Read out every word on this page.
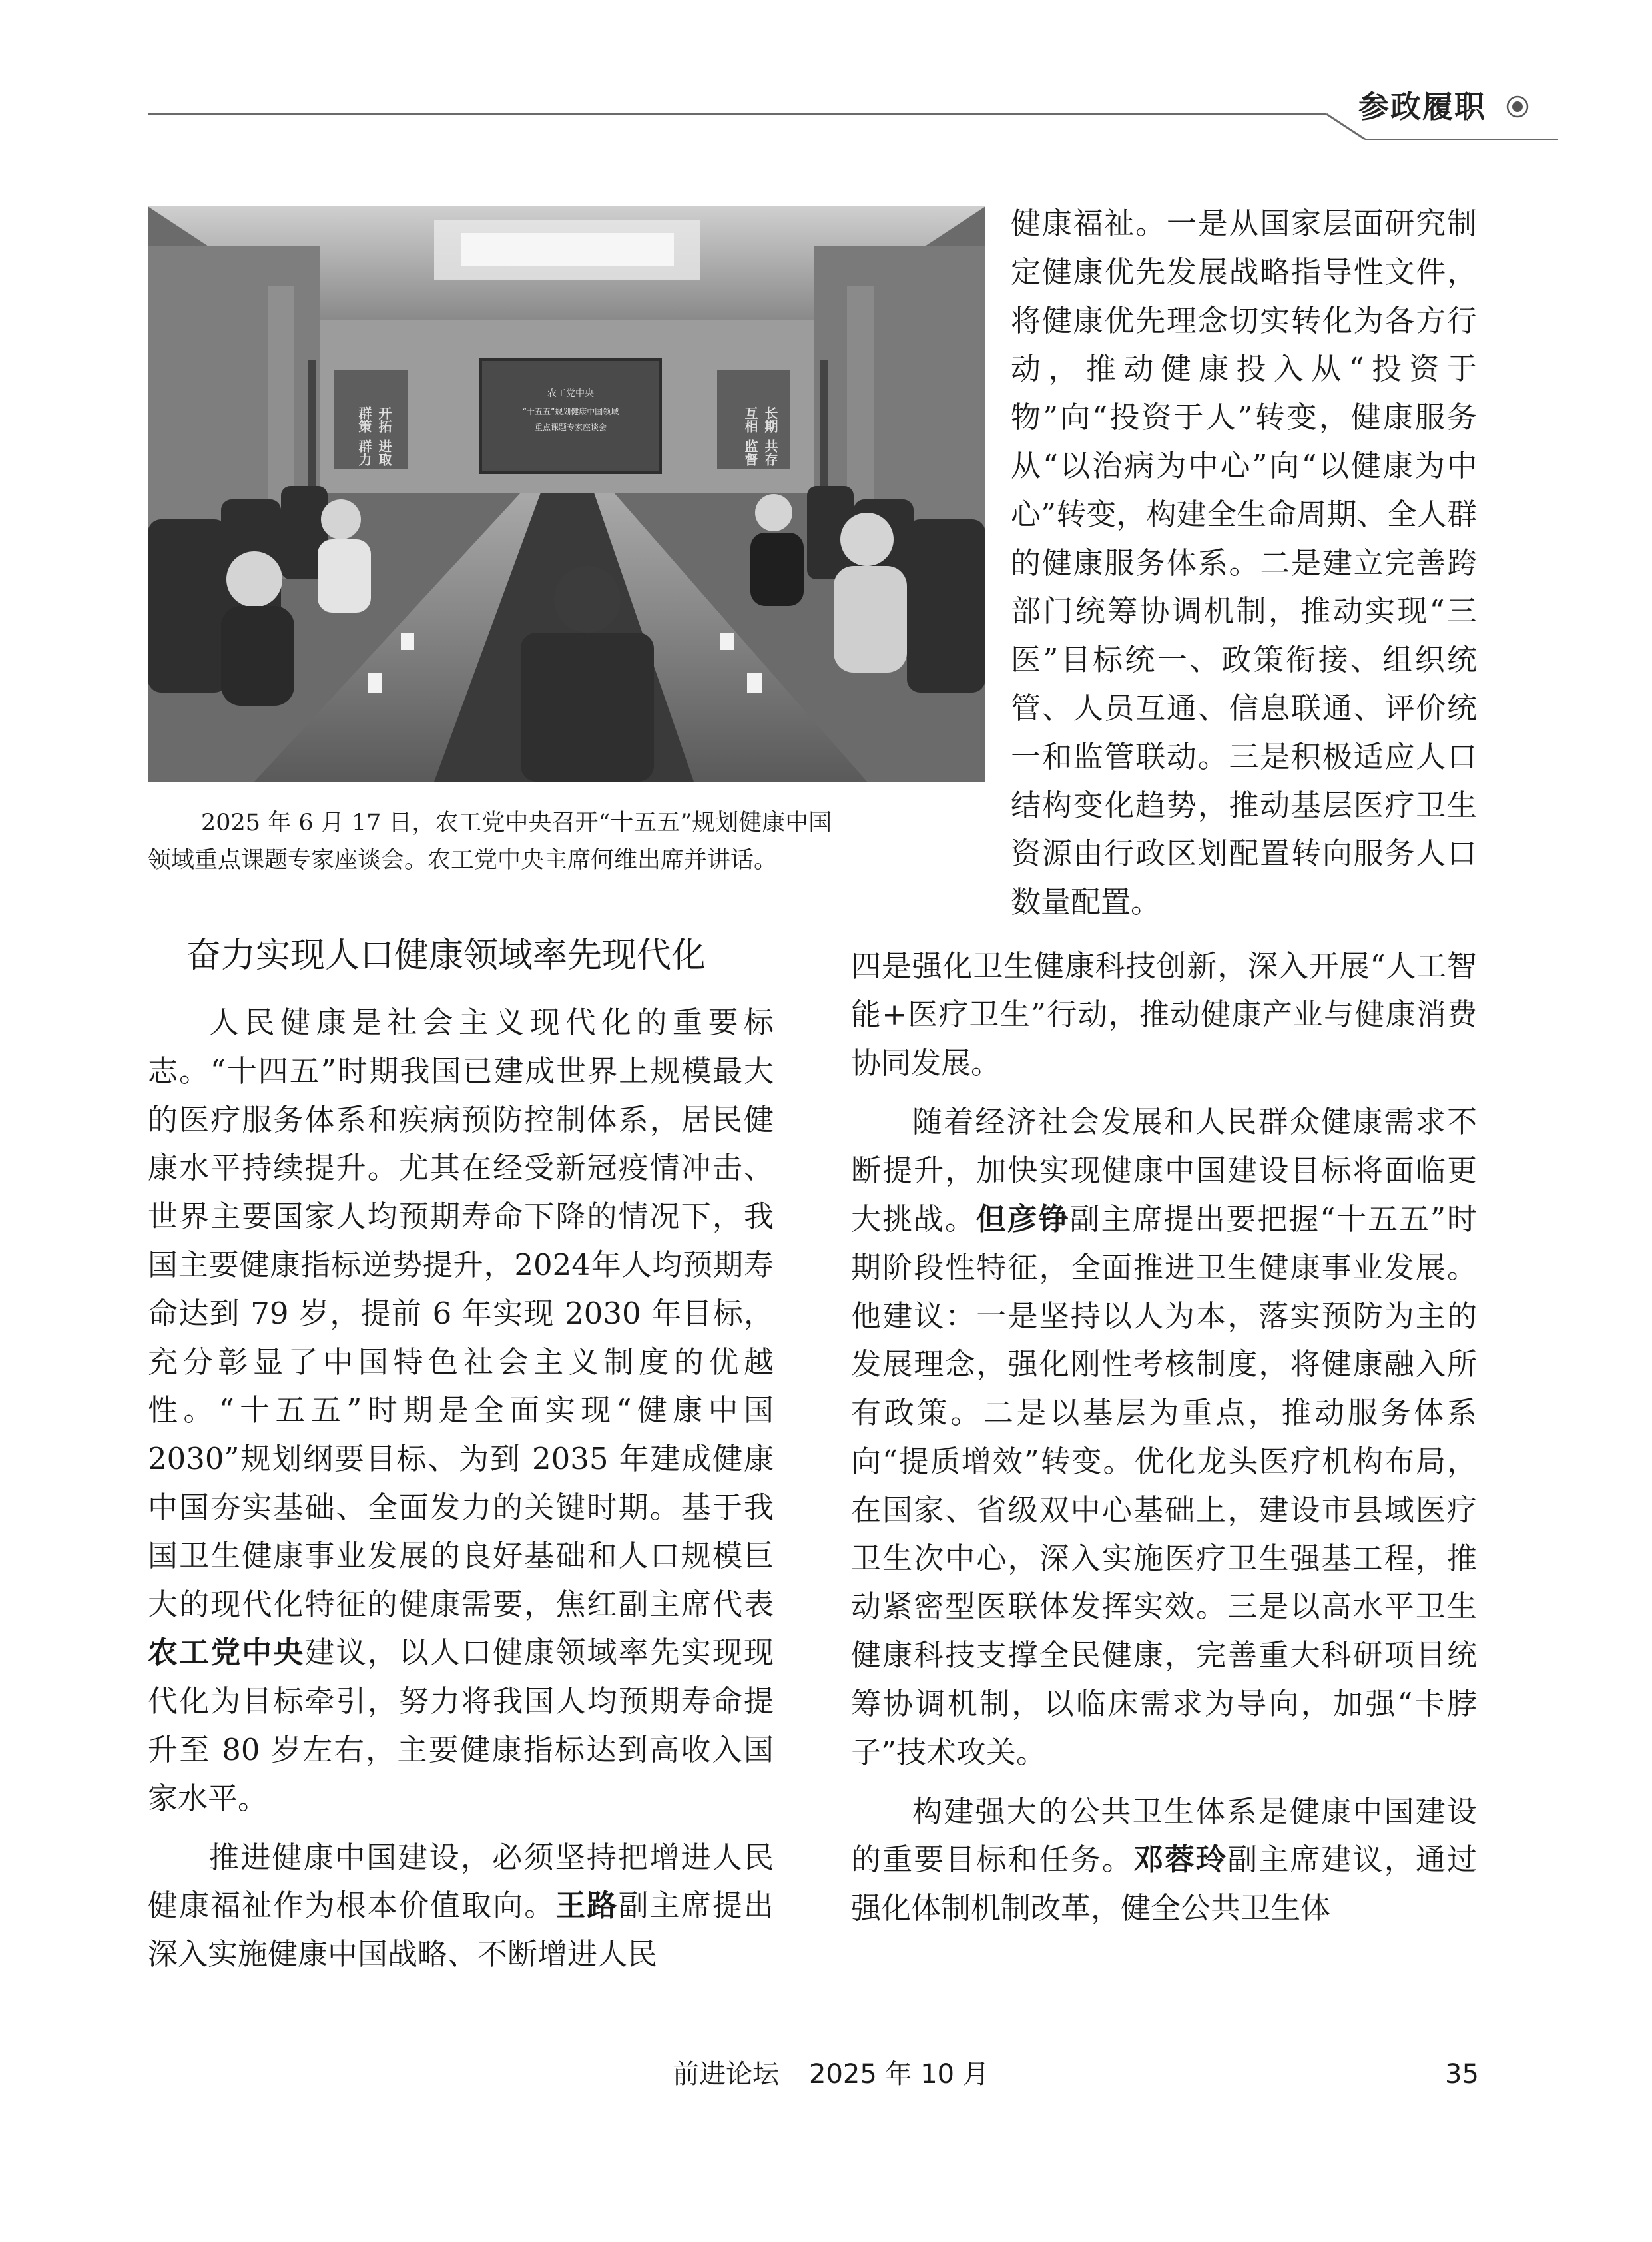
参政履职
开拓
群策
进取
群力
长期
互相
共存
监督
农工党中央
“十五五”规划健康中国领域
重点课题专家座谈会

2025 年 6 月 17 日，农工党中央召开“十五五”规划健康中国

领域重点课题专家座谈会。农工党中央主席何维出席并讲话。

健康福祉。一是从国家层面研究制定健康优先发展战略指导性文件，将健康优先理念切实转化为各方行动，推动健康投入从“投资于物”向“投资于人”转变，健康服务从“以治病为中心”向“以健康为中心”转变，构建全生命周期、全人群的健康服务体系。二是建立完善跨部门统筹协调机制，推动实现“三医”目标统一、政策衔接、组织统管、人员互通、信息联通、评价统一和监管联动。三是积极适应人口结构变化趋势，推动基层医疗卫生资源由行政区划配置转向服务人口数量配置。

奋力实现人口健康领域率先现代化

人民健康是社会主义现代化的重要标志。“十四五”时期我国已建成世界上规模最大的医疗服务体系和疾病预防控制体系，居民健康水平持续提升。尤其在经受新冠疫情冲击、世界主要国家人均预期寿命下降的情况下，我国主要健康指标逆势提升，2024年人均预期寿命达到 79 岁，提前 6 年实现 2030 年目标，充分彰显了中国特色社会主义制度的优越性。“十五五”时期是全面实现“健康中国 2030”规划纲要目标、为到 2035 年建成健康中国夯实基础、全面发力的关键时期。基于我国卫生健康事业发展的良好基础和人口规模巨大的现代化特征的健康需要，焦红副主席代表农工党中央建议，以人口健康领域率先实现现代化为目标牵引，努力将我国人均预期寿命提升至 80 岁左右，主要健康指标达到高收入国家水平。

推进健康中国建设，必须坚持把增进人民健康福祉作为根本价值取向。王路副主席提出深入实施健康中国战略、不断增进人民

四是强化卫生健康科技创新，深入开展“人工智能+医疗卫生”行动，推动健康产业与健康消费协同发展。

随着经济社会发展和人民群众健康需求不断提升，加快实现健康中国建设目标将面临更大挑战。但彦铮副主席提出要把握“十五五”时期阶段性特征，全面推进卫生健康事业发展。他建议：一是坚持以人为本，落实预防为主的发展理念，强化刚性考核制度，将健康融入所有政策。二是以基层为重点，推动服务体系向“提质增效”转变。优化龙头医疗机构布局，在国家、省级双中心基础上，建设市县域医疗卫生次中心，深入实施医疗卫生强基工程，推动紧密型医联体发挥实效。三是以高水平卫生健康科技支撑全民健康，完善重大科研项目统筹协调机制，以临床需求为导向，加强“卡脖子”技术攻关。

构建强大的公共卫生体系是健康中国建设的重要目标和任务。邓蓉玲副主席建议，通过强化体制机制改革，健全公共卫生体

前进论坛 2025 年 10 月	35
